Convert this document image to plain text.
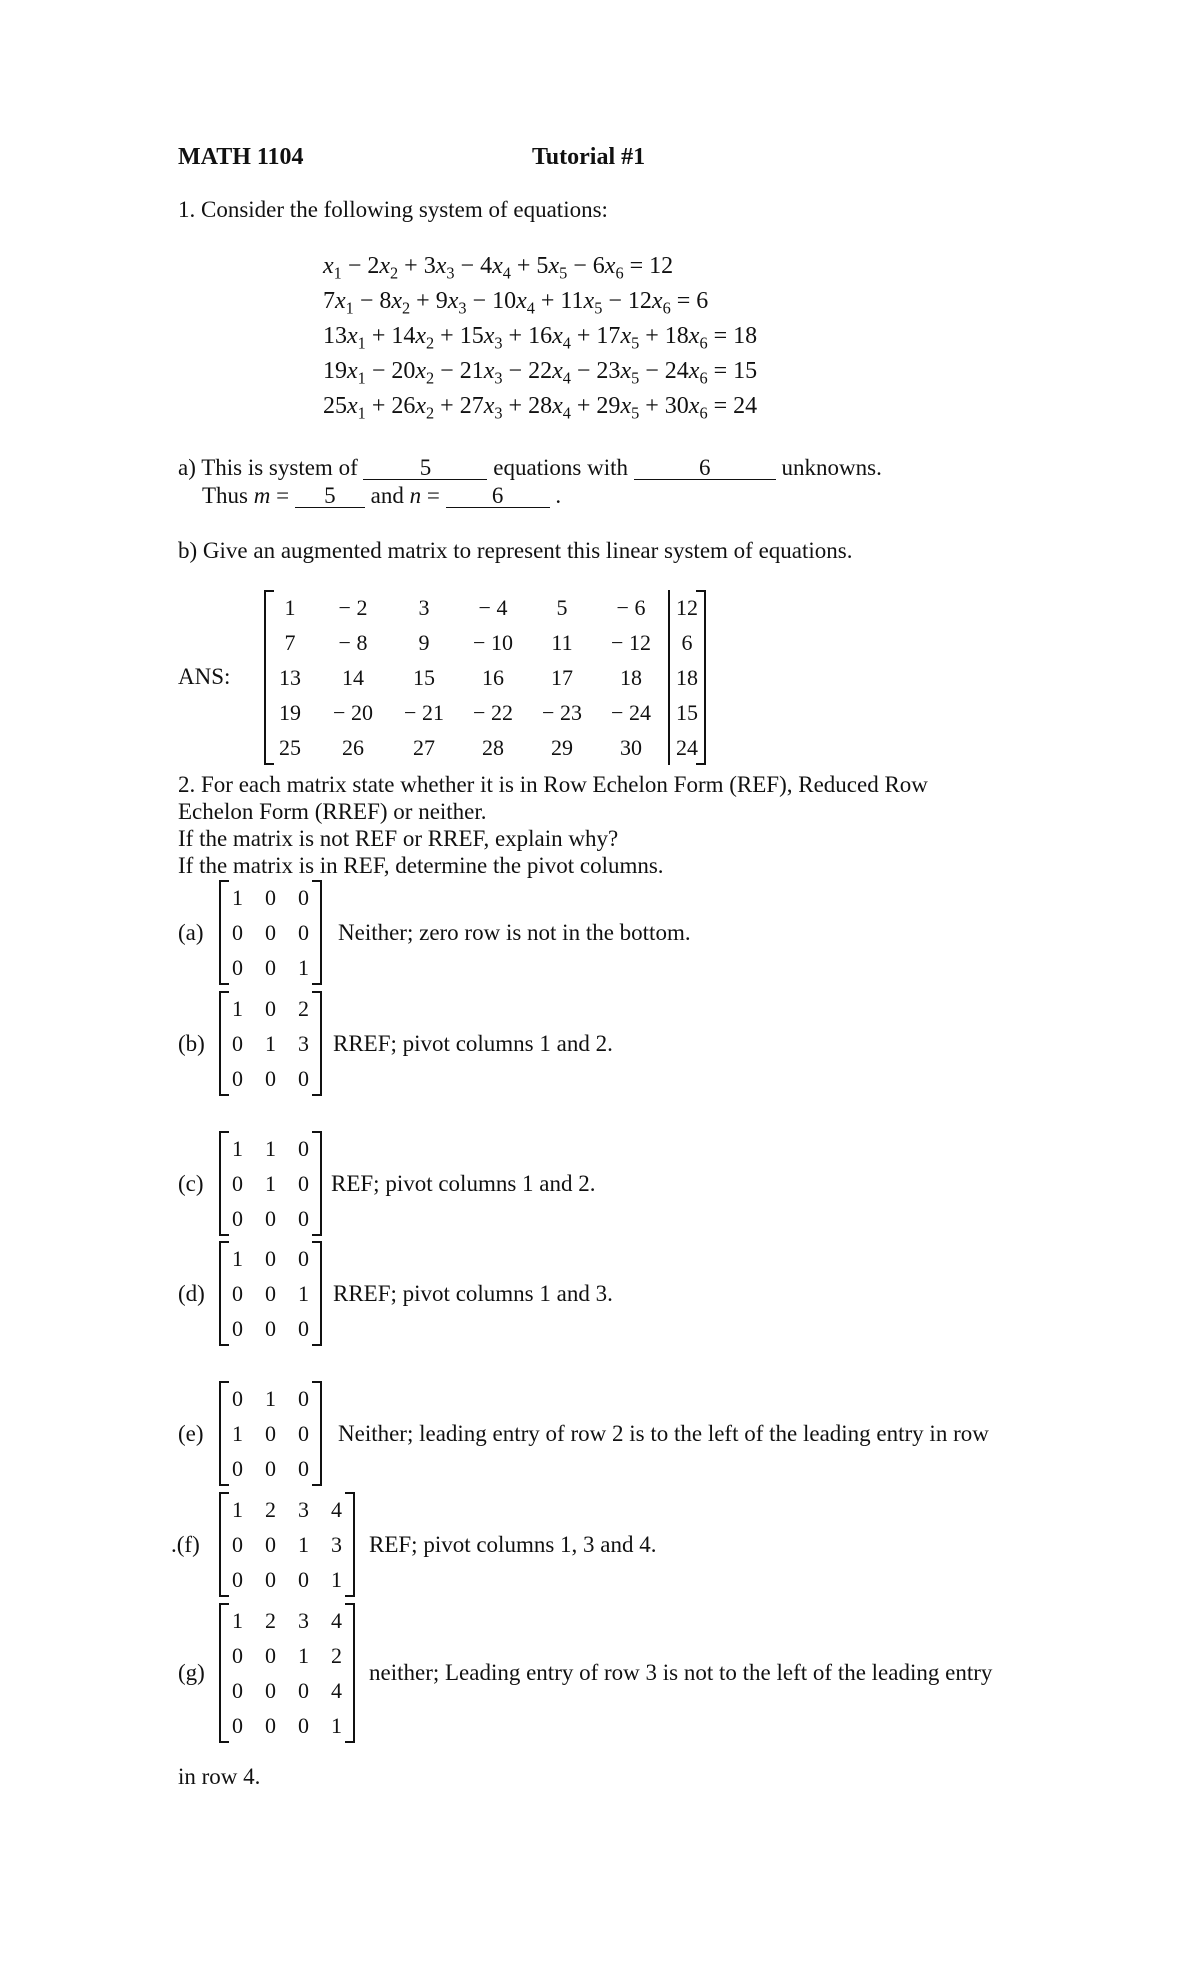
MATH 1104	Tutorial #1
1. Consider the following system of equations:
$x_1 - 2x_2 + 3x_3 - 4x_4 + 5x_5 - 6x_6 = 12$
$7x_1 - 8x_2 + 9x_3 - 10x_4 + 11x_5 - 12x_6 = 6$
$13x_1 + 14x_2 + 15x_3 + 16x_4 + 17x_5 + 18x_6 = 18$
$19x_1 - 20x_2 - 21x_3 - 22x_4 - 23x_5 - 24x_6 = 15$
$25x_1 + 26x_2 + 27x_3 + 28x_4 + 29x_5 + 30x_6 = 24$
a) This is system of 5 equations with	6	unknowns.
Thus m = 5 and n = 6 .
b) Give an augmented matrix to represent this linear system of equations.
ANS:
1	− 2	3	− 4	5	− 6	12
7	− 8	9	− 10	11	− 12	6
13	14	15	16	17	18	18
19	− 20	− 21	− 22	− 23	− 24	15
25	26	27	28	29	30	24
2. For each matrix state whether it is in Row Echelon Form (REF), Reduced Row
Echelon Form (RREF) or neither.
If the matrix is not REF or RREF, explain why?
If the matrix is in REF, determine the pivot columns.
(a)
1	0	0
0	0	0
0	0	1
Neither; zero row is not in the bottom.
(b)
1	0	2
0	1	3
0	0	0
RREF; pivot columns 1 and 2.
(c)
1	1	0
0	1	0
0	0	0
REF; pivot columns 1 and 2.
(d)
1	0	0
0	0	1
0	0	0
RREF; pivot columns 1 and 3.
(e)
0	1	0
1	0	0
0	0	0
Neither; leading entry of row 2 is to the left of the leading entry in row
.(f)
1	2	3	4
0	0	1	3
0	0	0	1
REF; pivot columns 1, 3 and 4.
(g)
1	2	3	4
0	0	1	2
0	0	0	4
0	0	0	1
neither; Leading entry of row 3 is not to the left of the leading entry
in row 4.
